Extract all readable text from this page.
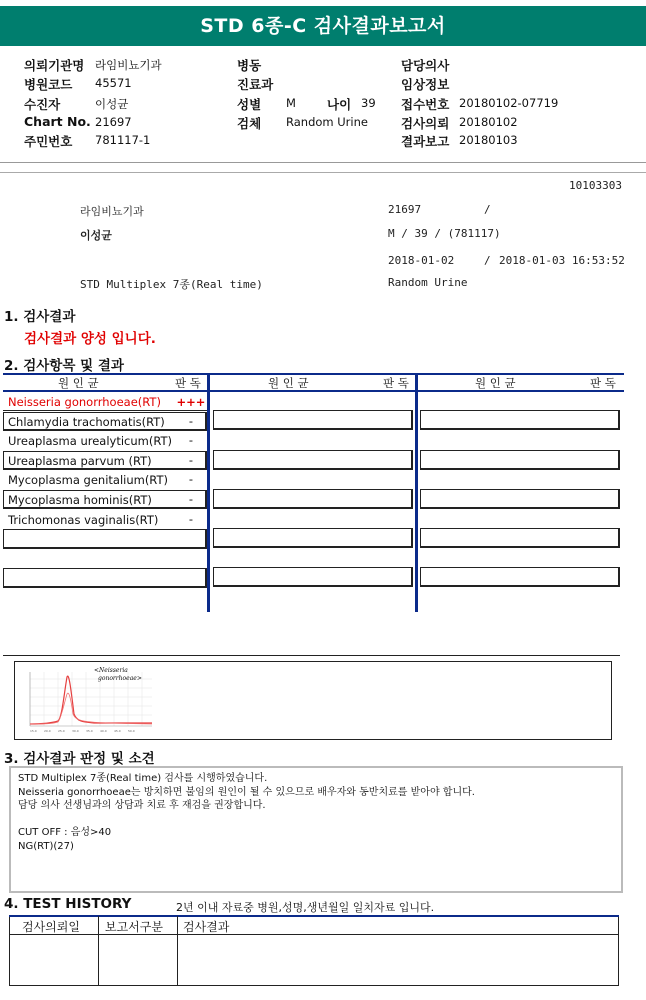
STD 6종-C 검사결과보고서
의뢰기관명 라임비뇨기과
병원코드 45571
수진자	이성균
Chart No. 21697
주민번호 781117-1
병동
진료과
성별 M 나이 39
검체 Random Urine
담당의사
임상정보
접수번호 20180102-07719
검사의뢰 20180102
결과보고 20180103
10103303
라임비뇨기과	21697	/
이성균	M / 39 / (781117)
2018-01-02	/ 2018-01-03 16:53:52
STD Multiplex 7종(Real time)	Random Urine
1. 검사결과
검사결과 양성 입니다.
2. 검사항목 및 결과
원 인 균	판 독	원 인 균	판 독	원 인 균	판 독
Neisseria gonorrhoeae(RT) +++
Chlamydia trachomatis(RT)	-
Ureaplasma urealyticum(RT)	-
Ureaplasma parvum (RT)	-
Mycoplasma genitalium(RT)	-
Mycoplasma hominis(RT)	-
Trichomonas vaginalis(RT)	-
15.0 20.0 25.0 30.0 35.0 40.0 45.0 50.0
<Neisseria
gonorrhoeae>
3. 검사결과 판정 및 소견
STD Multiplex 7종(Real time) 검사를 시행하였습니다.
Neisseria gonorrhoeae는 방치하면 불임의 원인이 될 수 있으므로 배우자와 동반치료를 받아야 합니다.
담당 의사 선생님과의 상담과 치료 후 재검을 권장합니다.
CUT OFF : 음성>40
NG(RT)(27)
4. TEST HISTORY	2년 이내 자료중 병원,성명,생년월일 일치자료 입니다.
검사의뢰일 보고서구분 검사결과
